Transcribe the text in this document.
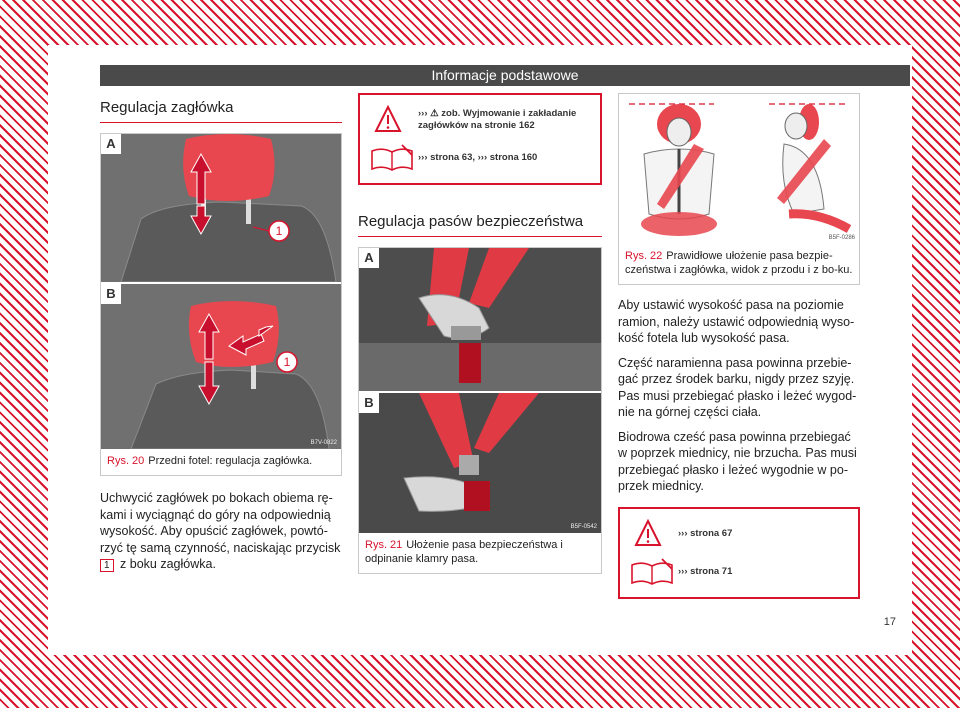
Informacje podstawowe
Regulacja zagłówka
1
A
1
B
B7V-0822
Rys. 20 Przedni fotel: regulacja zagłówka.

Uchwycić zagłówek po bokach obiema rę-kami i wyciągnąć do góry na odpowiednią wysokość. Aby opuścić zagłówek, powtó-rzyć tę samą czynność, naciskając przycisk 1 z boku zagłówka.

››› ⚠ zob. Wyjmowanie i zakładanie zagłówków na stronie 162
››› strona 63, ››› strona 160
Regulacja pasów bezpieczeństwa
A
B
B5F-0542
Rys. 21 Ułożenie pasa bezpieczeństwa i odpinanie klamry pasa.
B5F-0286
Rys. 22 Prawidłowe ułożenie pasa bezpie-czeństwa i zagłówka, widok z przodu i z bo-ku.

Aby ustawić wysokość pasa na poziomie ramion, należy ustawić odpowiednią wyso-kość fotela lub wysokość pasa.

Część naramienna pasa powinna przebie-gać przez środek barku, nigdy przez szyję. Pas musi przebiegać płasko i leżeć wygod-nie na górnej części ciała.

Biodrowa cześć pasa powinna przebiegać w poprzek miednicy, nie brzucha. Pas musi przebiegać płasko i leżeć wygodnie w po-przek miednicy.

››› strona 67
››› strona 71
17
